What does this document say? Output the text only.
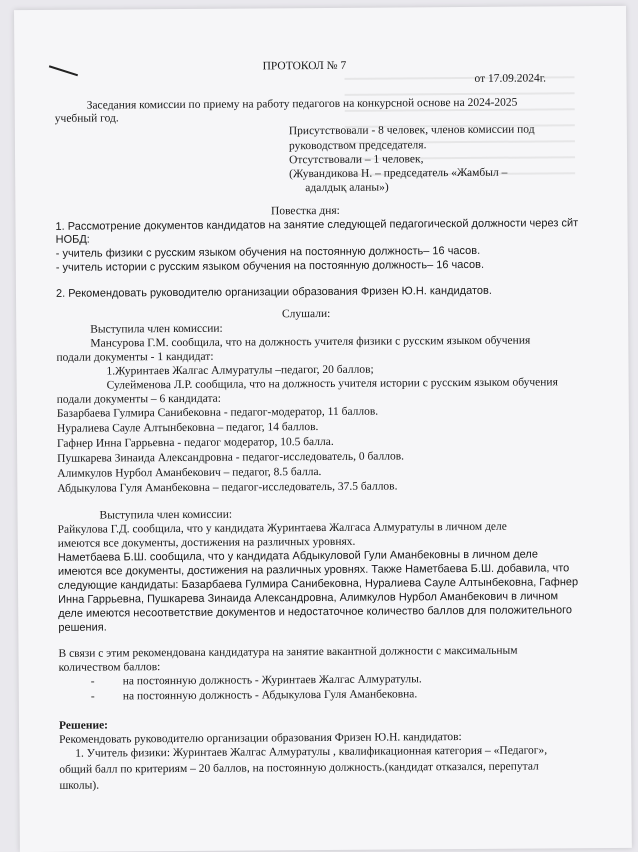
ПРОТОКОЛ № 7
от 17.09.2024г.
Заседания комиссии по приему на работу педагогов на конкурсной основе на 2024-2025
учебный год.
Присутствовали - 8 человек, членов комиссии под
руководством председателя.
Отсутствовали – 1 человек,
(Жувандикова Н. – председатель «Жамбыл –
адалдық аланы»)
Повестка дня:
1. Рассмотрение документов кандидатов на занятие следующей педагогической должности через сйт
НОБД:
- учитель физики с русским языком обучения на постоянную должность– 16 часов.
- учитель истории с русским языком обучения на постоянную должность– 16 часов.
2. Рекомендовать руководителю организации образования Фризен Ю.Н. кандидатов.
Слушали:
Выступила член комиссии:
Мансурова Г.М. сообщила, что на должность учителя физики с русским языком обучения
подали документы - 1 кандидат:
1.Журинтаев Жалгас Алмуратулы –педагог, 20 баллов;
Сулейменова Л.Р. сообщила, что на должность учителя истории с русским языком обучения
подали документы – 6 кандидата:
Базарбаева Гулмира Санибековна - педагог-модератор, 11 баллов.
Нуралиева Сауле Алтынбековна – педагог, 14 баллов.
Гафнер Инна Гаррьевна - педагог модератор, 10.5 балла.
Пушкарева Зинаида Александровна - педагог-исследователь, 0 баллов.
Алимкулов Нурбол Аманбекович – педагог, 8.5 балла.
Абдыкулова Гуля Аманбековна – педагог-исследователь, 37.5 баллов.
Выступила член комиссии:
Райкулова Г.Д. сообщила, что у кандидата Журинтаева Жалгаса Алмуратулы в личном деле
имеются все документы, достижения на различных уровнях.
Наметбаева Б.Ш. сообщила, что у кандидата Абдыкуловой Гули Аманбековны в личном деле
имеются все документы, достижения на различных уровнях. Также Наметбаева Б.Ш. добавила, что
следующие кандидаты: Базарбаева Гулмира Санибековна, Нуралиева Сауле Алтынбековна, Гафнер
Инна Гаррьевна, Пушкарева Зинаида Александровна, Алимкулов Нурбол Аманбекович в личном
деле имеются несоответствие документов и недостаточное количество баллов для положительного
решения.
В связи с этим рекомендована кандидатура на занятие вакантной должности с максимальным
количеством баллов:
- на постоянную должность - Журинтаев Жалгас Алмуратулы.
- на постоянную должность - Абдыкулова Гуля Аманбековна.
Решение:
Рекомендовать руководителю организации образования Фризен Ю.Н. кандидатов:
1. Учитель физики: Журинтаев Жалгас Алмуратулы , квалификационная категория – «Педагог»,
общий балл по критериям – 20 баллов, на постоянную должность.(кандидат отказался, перепутал
школы).
